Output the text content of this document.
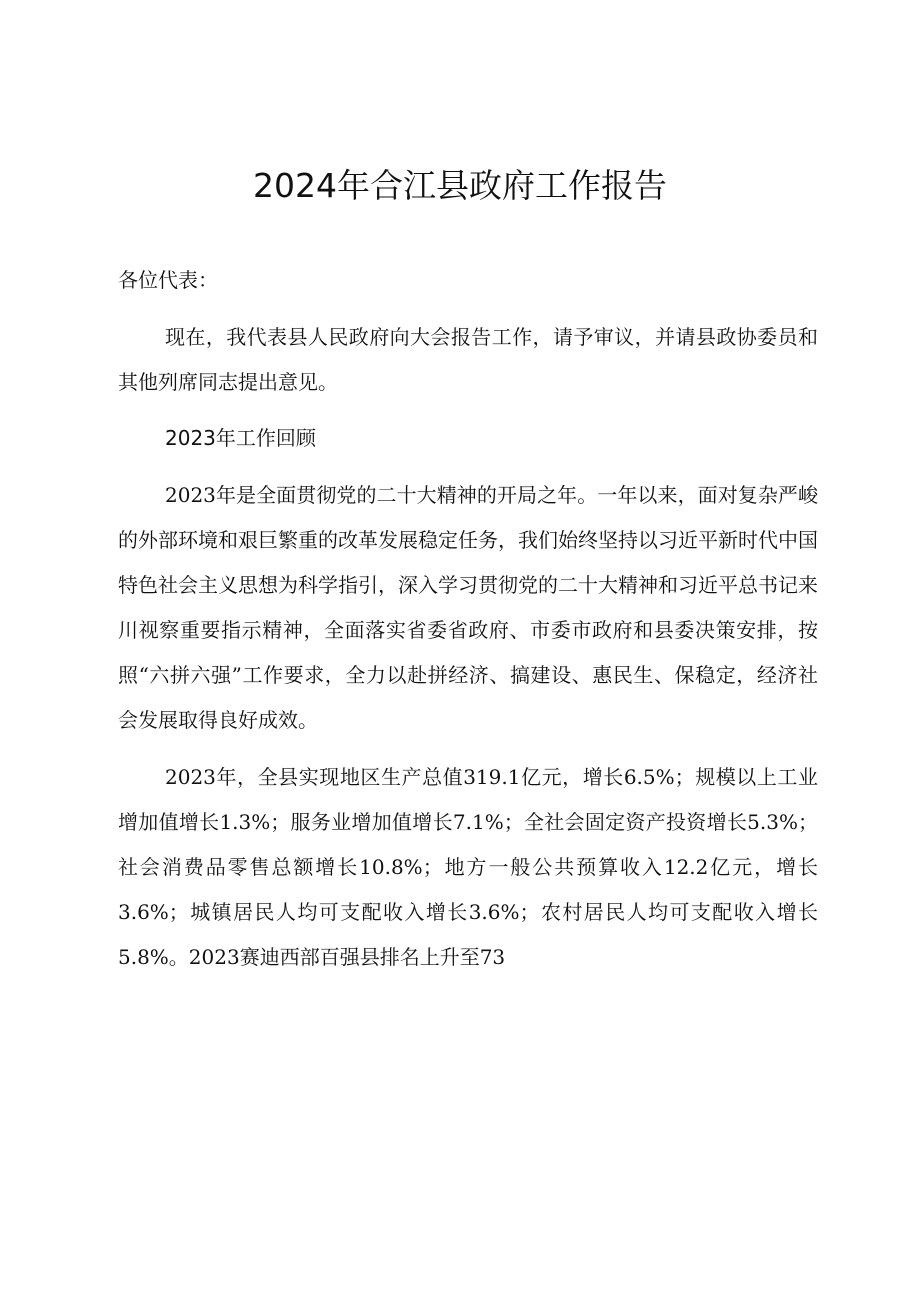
2024年合江县政府工作报告

各位代表：

现在，我代表县人民政府向大会报告工作，请予审议，并请县政协委员和其他列席同志提出意见。

2023年工作回顾

2023年是全面贯彻党的二十大精神的开局之年。一年以来，面对复杂严峻的外部环境和艰巨繁重的改革发展稳定任务，我们始终坚持以习近平新时代中国特色社会主义思想为科学指引，深入学习贯彻党的二十大精神和习近平总书记来川视察重要指示精神，全面落实省委省政府、市委市政府和县委决策安排，按照“六拼六强”工作要求，全力以赴拼经济、搞建设、惠民生、保稳定，经济社会发展取得良好成效。

2023年，全县实现地区生产总值319.1亿元，增长6.5%；规模以上工业增加值增长1.3%；服务业增加值增长7.1%；全社会固定资产投资增长5.3%；社会消费品零售总额增长10.8%；地方一般公共预算收入12.2亿元，增长3.6%；城镇居民人均可支配收入增长3.6%；农村居民人均可支配收入增长5.8%。2023赛迪西部百强县排名上升至73
